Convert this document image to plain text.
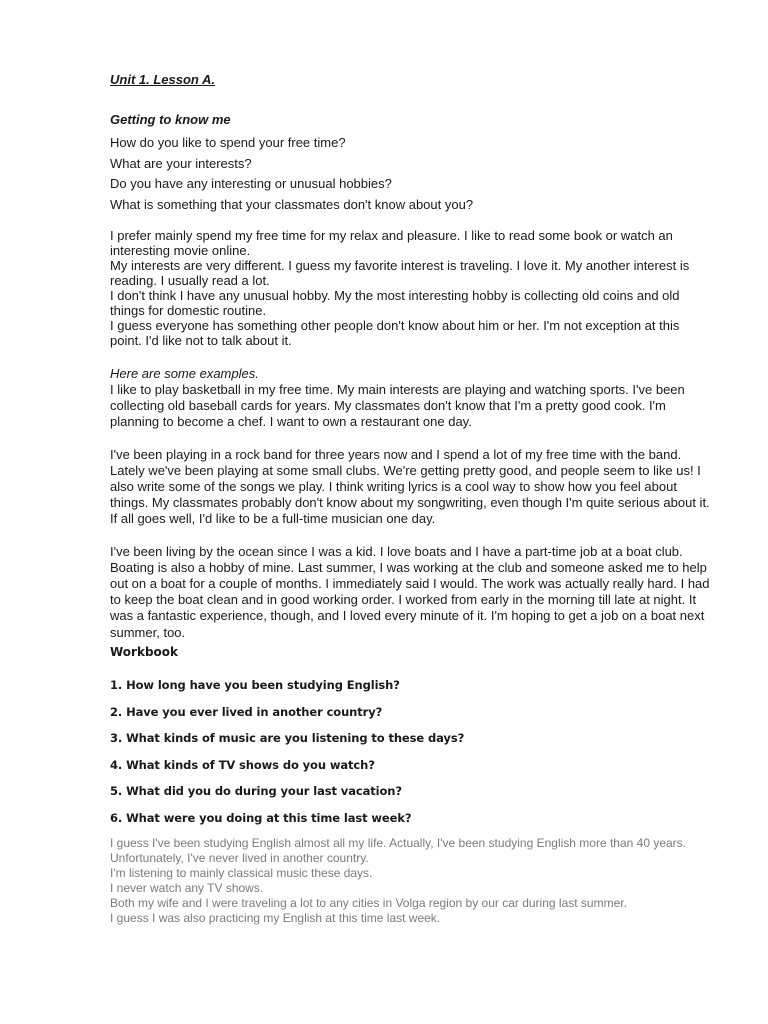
Unit 1. Lesson A.
Getting to know me
How do you like to spend your free time?
What are your interests?
Do you have any interesting or unusual hobbies?
What is something that your classmates don't know about you?

I prefer mainly spend my free time for my relax and pleasure. I like to read some book or watch an interesting movie online.

My interests are very different. I guess my favorite interest is traveling. I love it. My another interest is reading. I usually read a lot.

I don't think I have any unusual hobby. My the most interesting hobby is collecting old coins and old things for domestic routine.

I guess everyone has something other people don't know about him or her. I'm not exception at this point. I'd like not to talk about it.

Here are some examples.

I like to play basketball in my free time. My main interests are playing and watching sports. I've been collecting old baseball cards for years. My classmates don't know that I'm a pretty good cook. I'm planning to become a chef. I want to own a restaurant one day.

I've been playing in a rock band for three years now and I spend a lot of my free time with the band. Lately we've been playing at some small clubs. We're getting pretty good, and people seem to like us! I also write some of the songs we play. I think writing lyrics is a cool way to show how you feel about things. My classmates probably don't know about my songwriting, even though I'm quite serious about it. If all goes well, I'd like to be a full-time musician one day.

I've been living by the ocean since I was a kid. I love boats and I have a part-time job at a boat club. Boating is also a hobby of mine. Last summer, I was working at the club and someone asked me to help out on a boat for a couple of months. I immediately said I would. The work was actually really hard. I had to keep the boat clean and in good working order. I worked from early in the morning till late at night. It was a fantastic experience, though, and I loved every minute of it. I'm hoping to get a job on a boat next summer, too.

Workbook
1. How long have you been studying English?
2. Have you ever lived in another country?
3. What kinds of music are you listening to these days?
4. What kinds of TV shows do you watch?
5. What did you do during your last vacation?
6. What were you doing at this time last week?

I guess I've been studying English almost all my life. Actually, I've been studying English more than 40 years.

Unfortunately, I've never lived in another country.

I'm listening to mainly classical music these days.

I never watch any TV shows.

Both my wife and I were traveling a lot to any cities in Volga region by our car during last summer.

I guess I was also practicing my English at this time last week.
